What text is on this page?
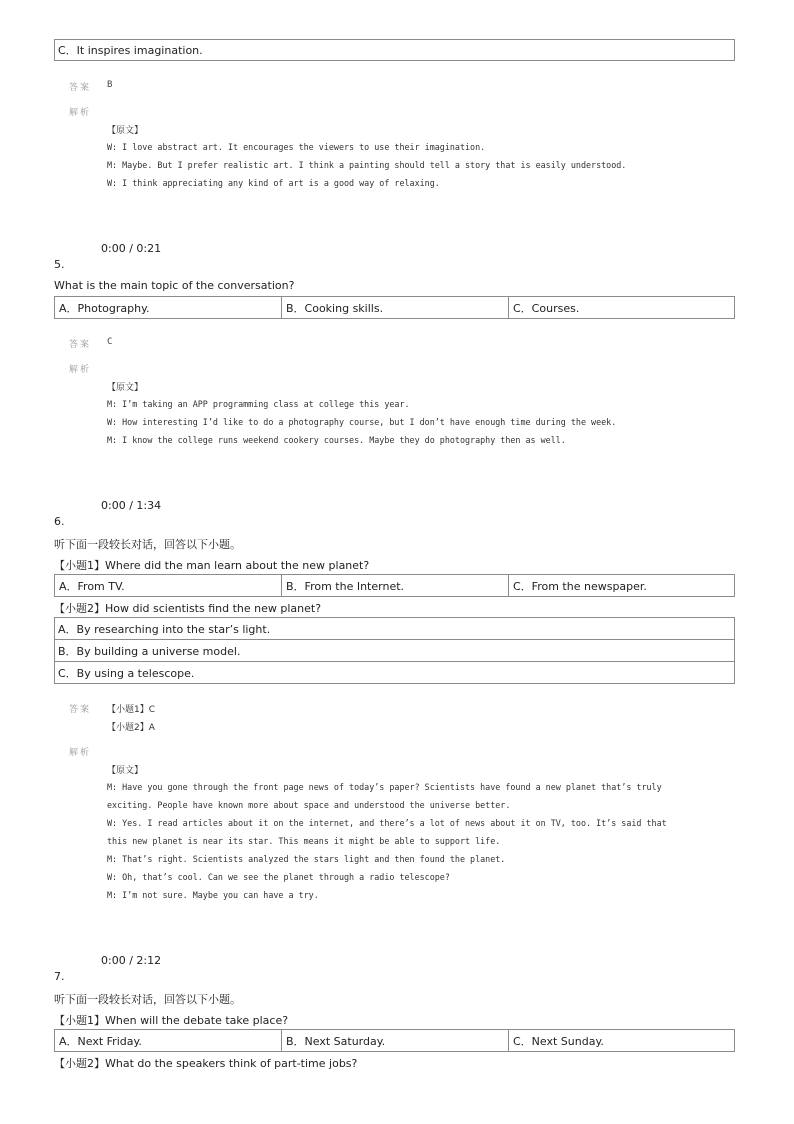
C．It inspires imagination.
答案 B
解析
【原文】
W: I love abstract art. It encourages the viewers to use their imagination.
M: Maybe. But I prefer realistic art. I think a painting should tell a story that is easily understood.
W: I think appreciating any kind of art is a good way of relaxing.
0:00 / 0:21
5.
What is the main topic of the conversation?
A．Photography.	B．Cooking skills.	C．Courses.
答案 C
解析
【原文】
M: I’m taking an APP programming class at college this year.
W: How interesting I’d like to do a photography course, but I don’t have enough time during the week.
M: I know the college runs weekend cookery courses. Maybe they do photography then as well.
0:00 / 1:34
6.
听下面一段较长对话，回答以下小题。
【小题1】Where did the man learn about the new planet?
A．From TV.	B．From the Internet.	C．From the newspaper.
【小题2】How did scientists find the new planet?
A．By researching into the star’s light.
B．By building a universe model.
C．By using a telescope.
答案 【小题1】C
【小题2】A
解析
【原文】
M: Have you gone through the front page news of today’s paper? Scientists have found a new planet that’s truly
exciting. People have known more about space and understood the universe better.
W: Yes. I read articles about it on the internet, and there’s a lot of news about it on TV, too. It’s said that
this new planet is near its star. This means it might be able to support life.
M: That’s right. Scientists analyzed the stars light and then found the planet.
W: Oh, that’s cool. Can we see the planet through a radio telescope?
M: I’m not sure. Maybe you can have a try.
0:00 / 2:12
7.
听下面一段较长对话，回答以下小题。
【小题1】When will the debate take place?
A．Next Friday.	B．Next Saturday.	C．Next Sunday.
【小题2】What do the speakers think of part-time jobs?
